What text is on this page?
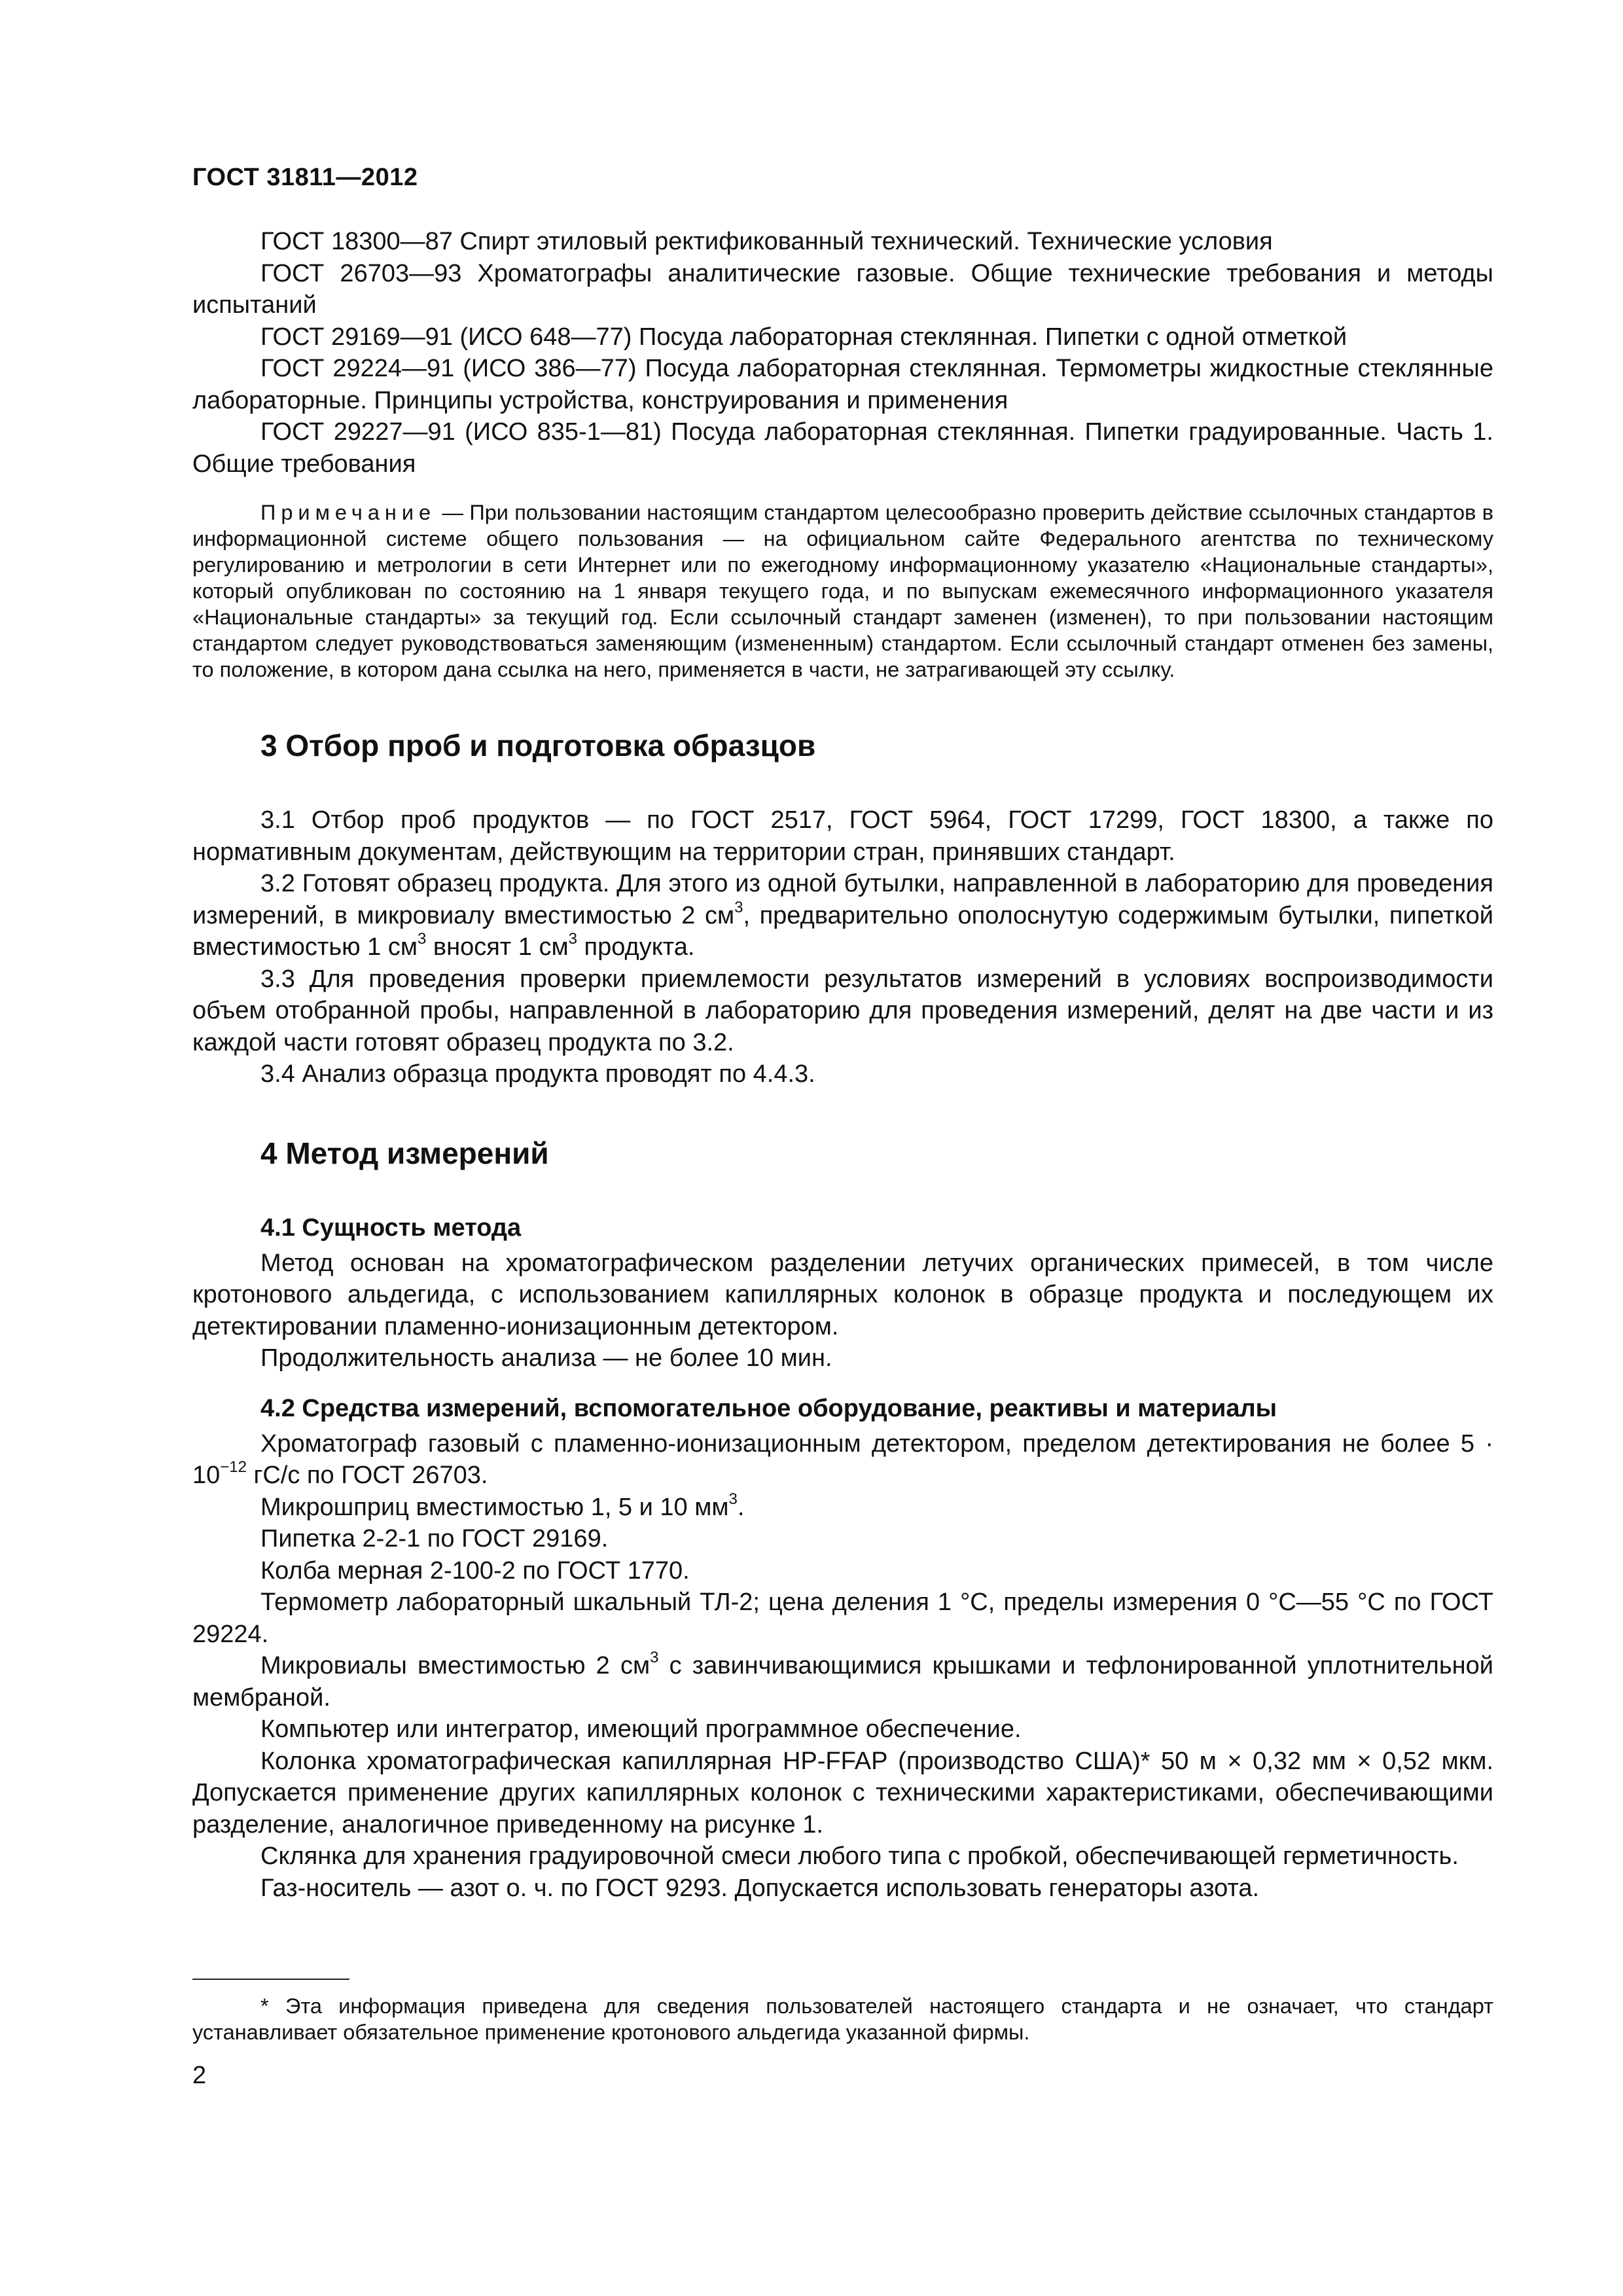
ГОСТ 31811—2012

ГОСТ 18300—87 Спирт этиловый ректификованный технический. Технические условия

ГОСТ 26703—93 Хроматографы аналитические газовые. Общие технические требования и методы испытаний

ГОСТ 29169—91 (ИСО 648—77) Посуда лабораторная стеклянная. Пипетки с одной отметкой

ГОСТ 29224—91 (ИСО 386—77) Посуда лабораторная стеклянная. Термометры жидкостные стеклянные лабораторные. Принципы устройства, конструирования и применения

ГОСТ 29227—91 (ИСО 835-1—81) Посуда лабораторная стеклянная. Пипетки градуированные. Часть 1. Общие требования

Примечание — При пользовании настоящим стандартом целесообразно проверить действие ссылочных стандартов в информационной системе общего пользования — на официальном сайте Федерального агентства по техническому регулированию и метрологии в сети Интернет или по ежегодному информационному указателю «Национальные стандарты», который опубликован по состоянию на 1 января текущего года, и по выпускам ежемесячного информационного указателя «Национальные стандарты» за текущий год. Если ссылочный стандарт заменен (изменен), то при пользовании настоящим стандартом следует руководствоваться заменяющим (измененным) стандартом. Если ссылочный стандарт отменен без замены, то положение, в котором дана ссылка на него, применяется в части, не затрагивающей эту ссылку.

3 Отбор проб и подготовка образцов

3.1 Отбор проб продуктов — по ГОСТ 2517, ГОСТ 5964, ГОСТ 17299, ГОСТ 18300, а также по нормативным документам, действующим на территории стран, принявших стандарт.

3.2 Готовят образец продукта. Для этого из одной бутылки, направленной в лабораторию для проведения измерений, в микровиалу вместимостью 2 $см^3$, предварительно ополоснутую содержимым бутылки, пипеткой вместимостью 1 $см^3$ вносят 1 $см^3$ продукта.

3.3 Для проведения проверки приемлемости результатов измерений в условиях воспроизводимости объем отобранной пробы, направленной в лабораторию для проведения измерений, делят на две части и из каждой части готовят образец продукта по 3.2.

3.4 Анализ образца продукта проводят по 4.4.3.

4 Метод измерений
4.1 Сущность метода

Метод основан на хроматографическом разделении летучих органических примесей, в том числе кротонового альдегида, с использованием капиллярных колонок в образце продукта и последующем их детектировании пламенно-ионизационным детектором.

Продолжительность анализа — не более 10 мин.

4.2 Средства измерений, вспомогательное оборудование, реактивы и материалы

Хроматограф газовый с пламенно-ионизационным детектором, пределом детектирования не более $5 \cdot 10^{-12}$ гС/с по ГОСТ 26703.

Микрошприц вместимостью 1, 5 и 10 $мм^3$.

Пипетка 2-2-1 по ГОСТ 29169.

Колба мерная 2-100-2 по ГОСТ 1770.

Термометр лабораторный шкальный ТЛ-2; цена деления 1 °С, пределы измерения 0 °С—55 °С по ГОСТ 29224.

Микровиалы вместимостью 2 $см^3$ с завинчивающимися крышками и тефлонированной уплотнительной мембраной.

Компьютер или интегратор, имеющий программное обеспечение.

Колонка хроматографическая капиллярная HP-FFAP (производство США)* 50 м × 0,32 мм × 0,52 мкм. Допускается применение других капиллярных колонок с техническими характеристиками, обеспечивающими разделение, аналогичное приведенному на рисунке 1.

Склянка для хранения градуировочной смеси любого типа с пробкой, обеспечивающей герметичность.

Газ-носитель — азот о. ч. по ГОСТ 9293. Допускается использовать генераторы азота.

* Эта информация приведена для сведения пользователей настоящего стандарта и не означает, что стандарт устанавливает обязательное применение кротонового альдегида указанной фирмы.

2
